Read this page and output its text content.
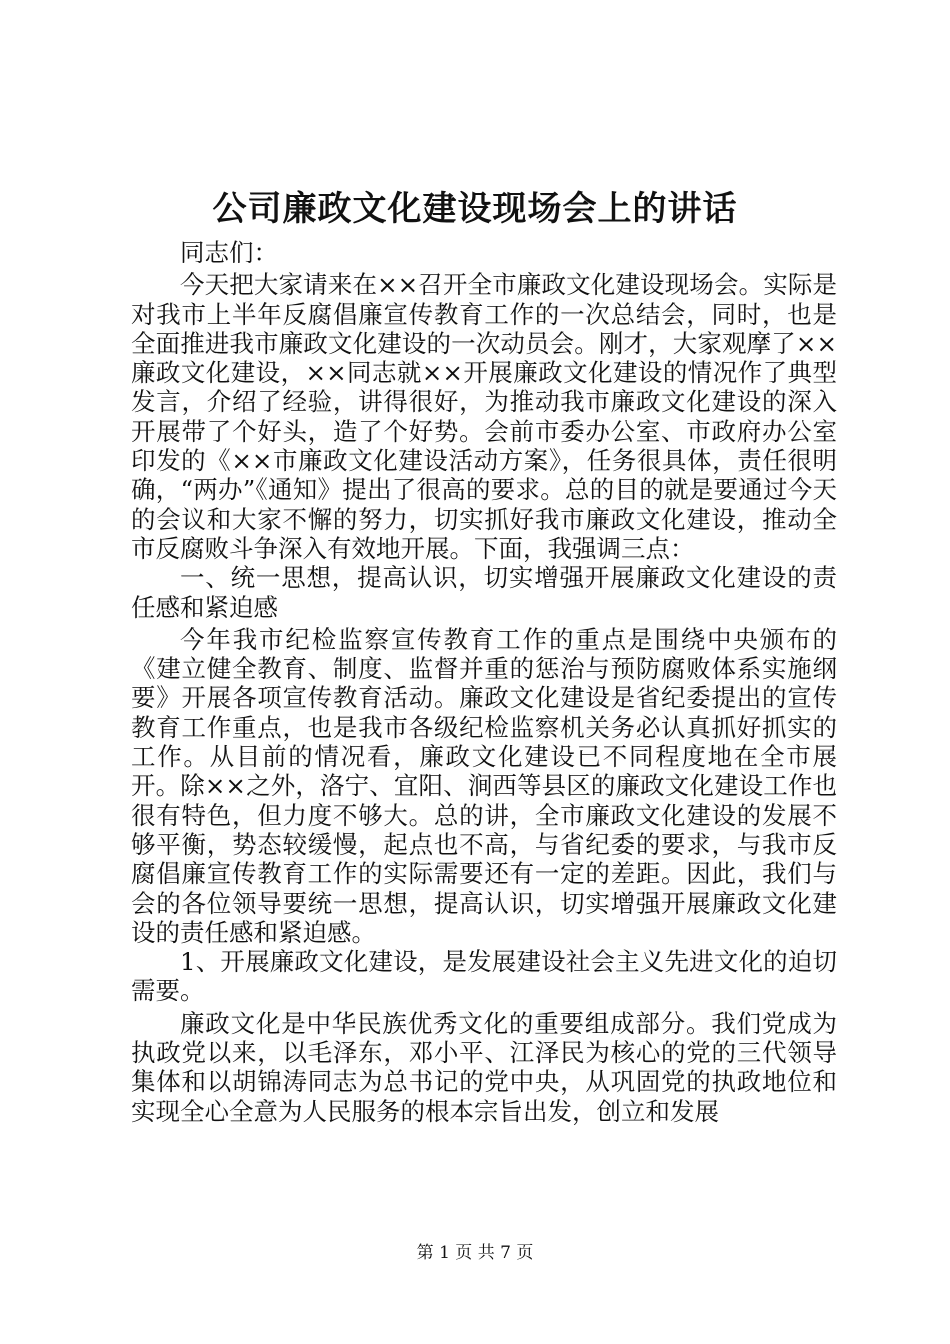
公司廉政文化建设现场会上的讲话

同志们：

今天把大家请来在××召开全市廉政文化建设现场会。实际是对我市上半年反腐倡廉宣传教育工作的一次总结会，同时，也是全面推进我市廉政文化建设的一次动员会。刚才，大家观摩了××廉政文化建设，××同志就××开展廉政文化建设的情况作了典型发言，介绍了经验，讲得很好，为推动我市廉政文化建设的深入开展带了个好头，造了个好势。会前市委办公室、市政府办公室印发的《××市廉政文化建设活动方案》，任务很具体，责任很明确，“两办”《通知》提出了很高的要求。总的目的就是要通过今天的会议和大家不懈的努力，切实抓好我市廉政文化建设，推动全市反腐败斗争深入有效地开展。下面，我强调三点：

一、统一思想，提高认识，切实增强开展廉政文化建设的责任感和紧迫感

今年我市纪检监察宣传教育工作的重点是围绕中央颁布的《建立健全教育、制度、监督并重的惩治与预防腐败体系实施纲要》开展各项宣传教育活动。廉政文化建设是省纪委提出的宣传教育工作重点，也是我市各级纪检监察机关务必认真抓好抓实的工作。从目前的情况看，廉政文化建设已不同程度地在全市展开。除××之外，洛宁、宜阳、涧西等县区的廉政文化建设工作也很有特色，但力度不够大。总的讲，全市廉政文化建设的发展不够平衡，势态较缓慢，起点也不高，与省纪委的要求，与我市反腐倡廉宣传教育工作的实际需要还有一定的差距。因此，我们与会的各位领导要统一思想，提高认识，切实增强开展廉政文化建设的责任感和紧迫感。

1、开展廉政文化建设，是发展建设社会主义先进文化的迫切需要。

廉政文化是中华民族优秀文化的重要组成部分。我们党成为执政党以来，以毛泽东，邓小平、江泽民为核心的党的三代领导集体和以胡锦涛同志为总书记的党中央，从巩固党的执政地位和实现全心全意为人民服务的根本宗旨出发，创立和发展

第 1 页 共 7 页
